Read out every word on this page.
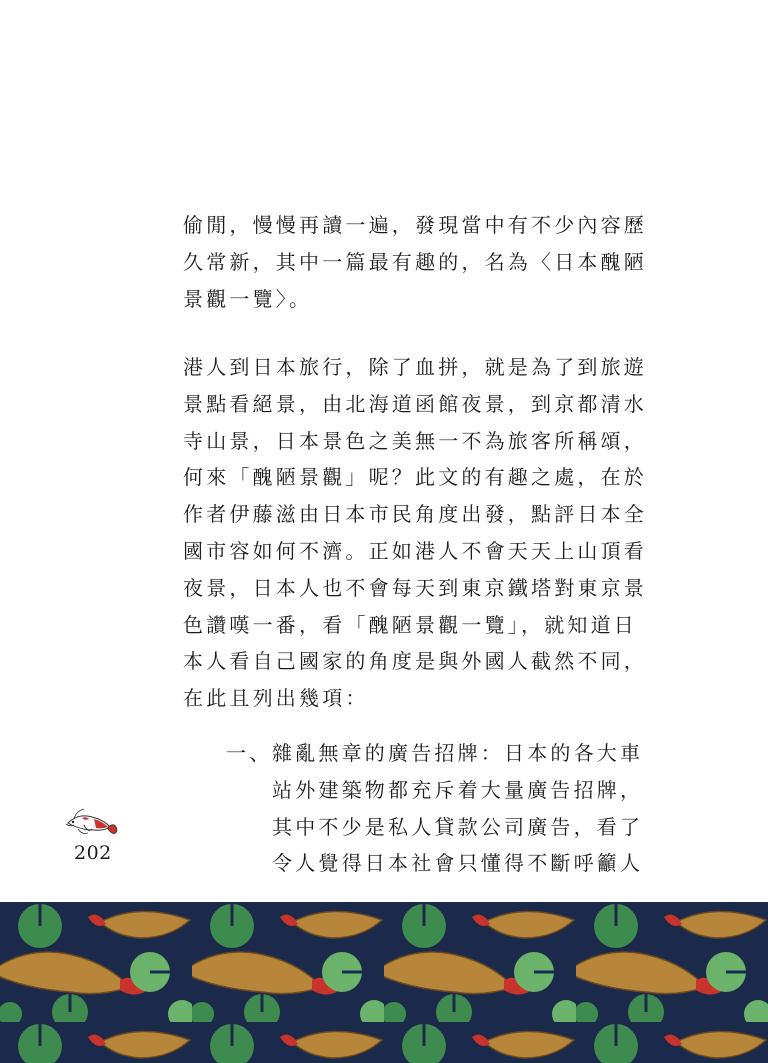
偷閒，慢慢再讀一遍，發現當中有不少內容歷
久常新，其中一篇最有趣的，名為〈日本醜陋
景觀一覽〉。
港人到日本旅行，除了血拼，就是為了到旅遊
景點看絕景，由北海道函館夜景，到京都清水
寺山景，日本景色之美無一不為旅客所稱頌，
何來「醜陋景觀」呢？此文的有趣之處，在於
作者伊藤滋由日本市民角度出發，點評日本全
國市容如何不濟。正如港人不會天天上山頂看
夜景，日本人也不會每天到東京鐵塔對東京景
色讚嘆一番，看「醜陋景觀一覽」，就知道日
本人看自己國家的角度是與外國人截然不同，
在此且列出幾項：
一、 雜亂無章的廣告招牌：日本的各大車
站外建築物都充斥着大量廣告招牌，
其中不少是私人貸款公司廣告，看了
令人覺得日本社會只懂得不斷呼籲人
202
